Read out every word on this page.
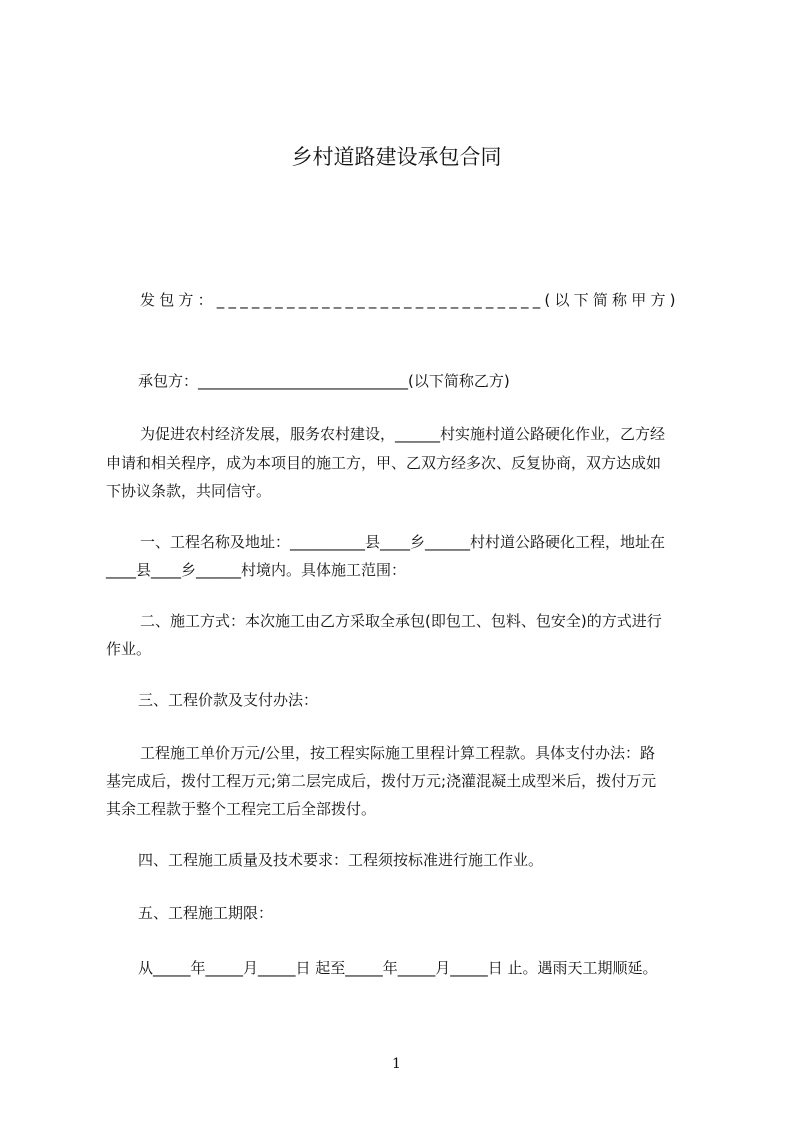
乡村道路建设承包合同
发包方：____________________________(以下简称甲方)
承包方：____________________________(以下简称乙方)
为促进农村经济发展，服务农村建设，______村实施村道公路硬化作业，乙方经
申请和相关程序，成为本项目的施工方，甲、乙双方经多次、反复协商，双方达成如
下协议条款，共同信守。
一、工程名称及地址：__________县____乡______村村道公路硬化工程，地址在
____县____乡______村境内。具体施工范围：
二、施工方式：本次施工由乙方采取全承包(即包工、包料、包安全)的方式进行
作业。
三、工程价款及支付办法：
工程施工单价万元/公里，按工程实际施工里程计算工程款。具体支付办法：路
基完成后，拨付工程万元;第二层完成后，拨付万元;浇灌混凝土成型米后，拨付万元
其余工程款于整个工程完工后全部拨付。
四、工程施工质量及技术要求：工程须按标准进行施工作业。
五、工程施工期限：
从_____年_____月_____日 起至_____年_____月_____日 止。遇雨天工期顺延。
1
